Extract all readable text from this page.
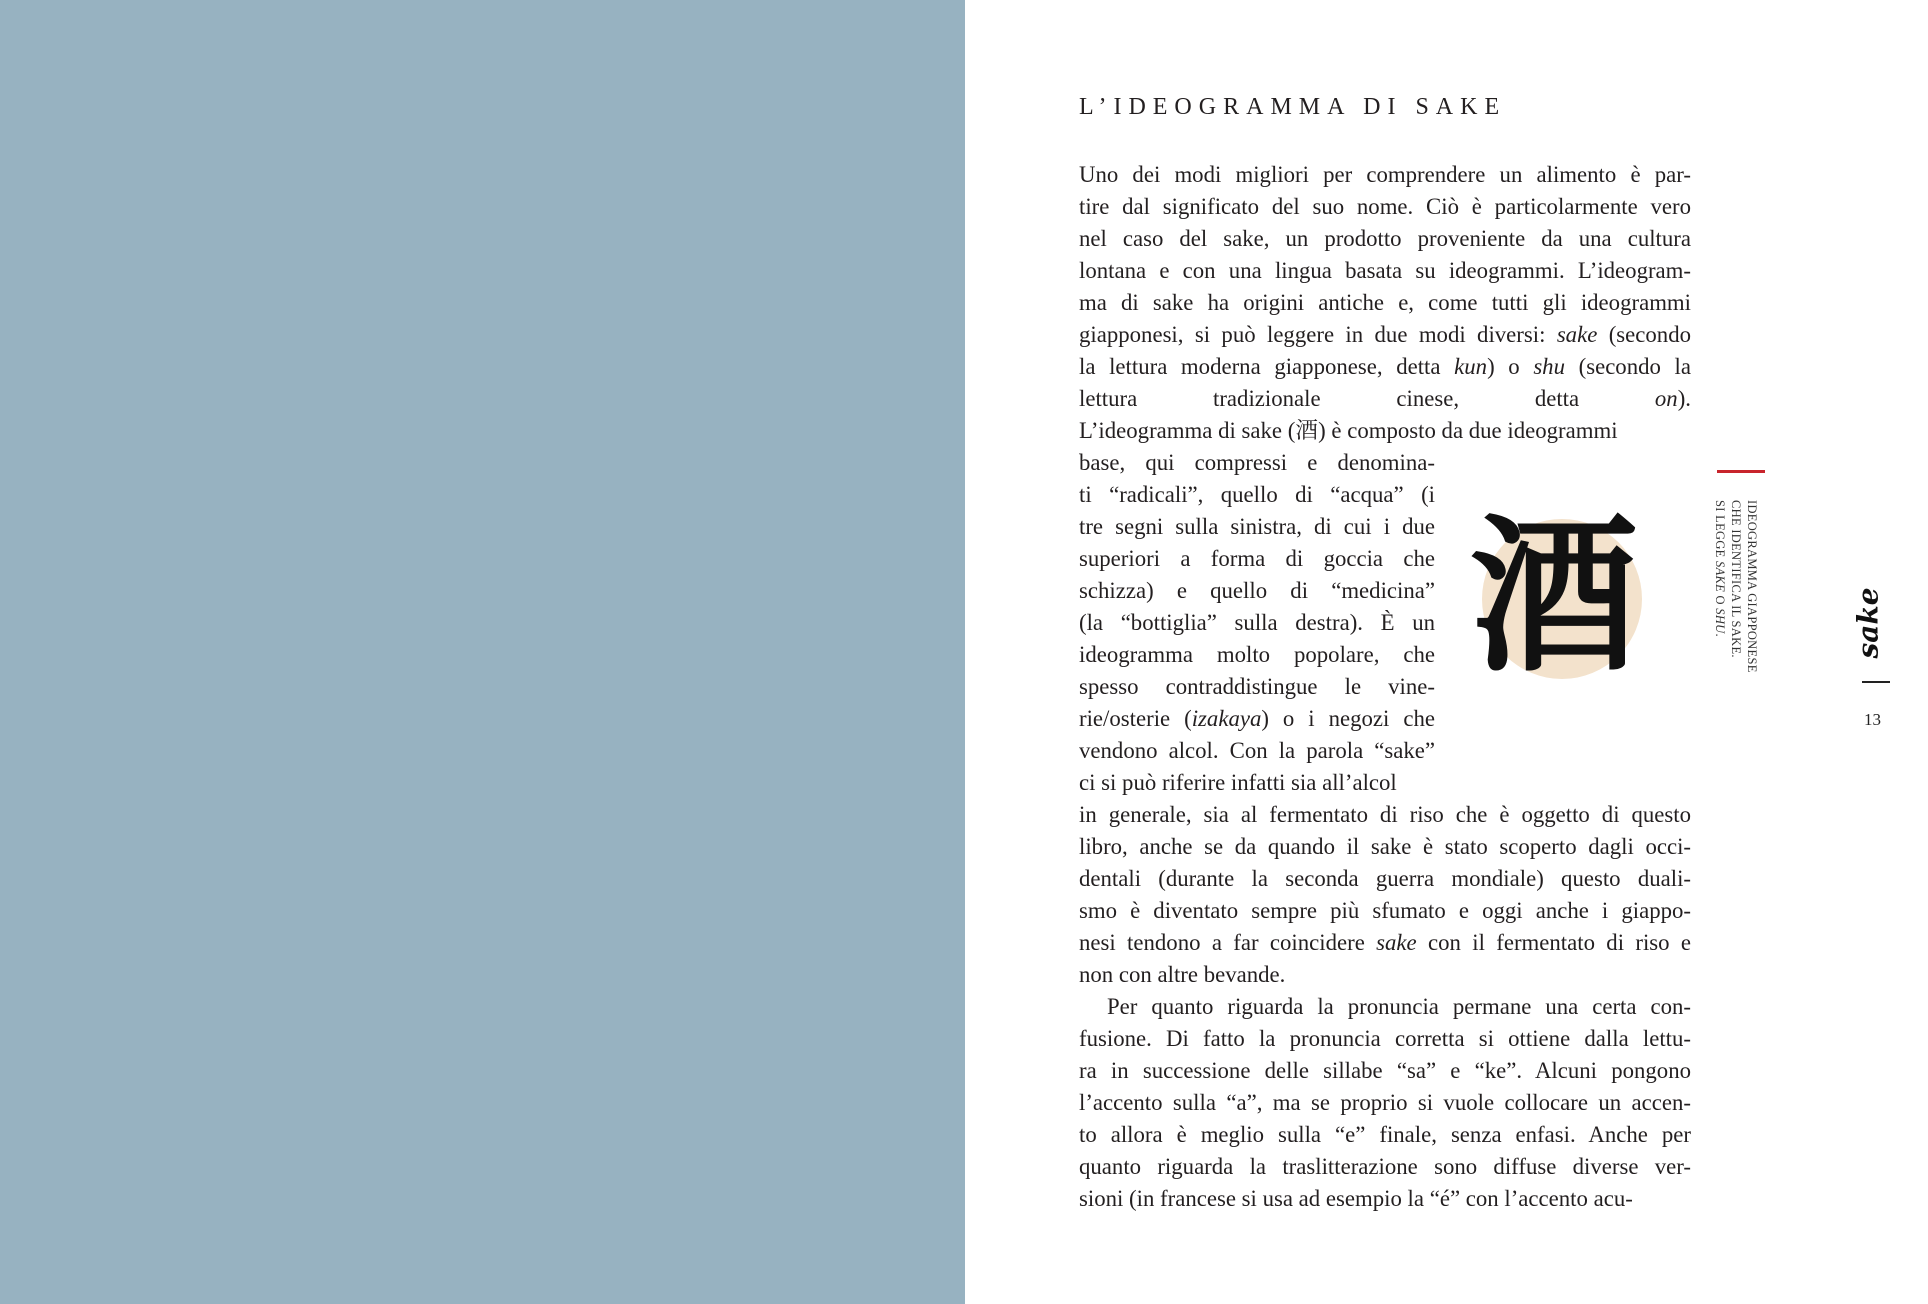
L’IDEOGRAMMA DI SAKE
Uno dei modi migliori per comprendere un alimento è par-
tire dal significato del suo nome. Ciò è particolarmente vero
nel caso del sake, un prodotto proveniente da una cultura
lontana e con una lingua basata su ideogrammi. L’ideogram-
ma di sake ha origini antiche e, come tutti gli ideogrammi
giapponesi, si può leggere in due modi diversi: sake (secondo
la lettura moderna giapponese, detta kun) o shu (secondo la
lettura tradizionale cinese, detta on).
L’ideogramma di sake (酒) è composto da due ideogrammi
base, qui compressi e denomina-
ti “radicali”, quello di “acqua” (i
tre segni sulla sinistra, di cui i due
superiori a forma di goccia che
schizza) e quello di “medicina”
(la “bottiglia” sulla destra). È un
ideogramma molto popolare, che
spesso contraddistingue le vine-
rie/osterie (izakaya) o i negozi che
vendono alcol. Con la parola “sake”
ci si può riferire infatti sia all’alcol
in generale, sia al fermentato di riso che è oggetto di questo
libro, anche se da quando il sake è stato scoperto dagli occi-
dentali (durante la seconda guerra mondiale) questo duali-
smo è diventato sempre più sfumato e oggi anche i giappo-
nesi tendono a far coincidere sake con il fermentato di riso e
non con altre bevande.
Per quanto riguarda la pronuncia permane una certa con-
fusione. Di fatto la pronuncia corretta si ottiene dalla lettu-
ra in successione delle sillabe “sa” e “ke”. Alcuni pongono
l’accento sulla “a”, ma se proprio si vuole collocare un accen-
to allora è meglio sulla “e” finale, senza enfasi. Anche per
quanto riguarda la traslitterazione sono diffuse diverse ver-
sioni (in francese si usa ad esempio la “é” con l’accento acu-
酒	IDEOGRAMMA GIAPPONESE
CHE IDENTIFICA IL SAKE.
SI LEGGE SAKE O SHU.	sake
13
